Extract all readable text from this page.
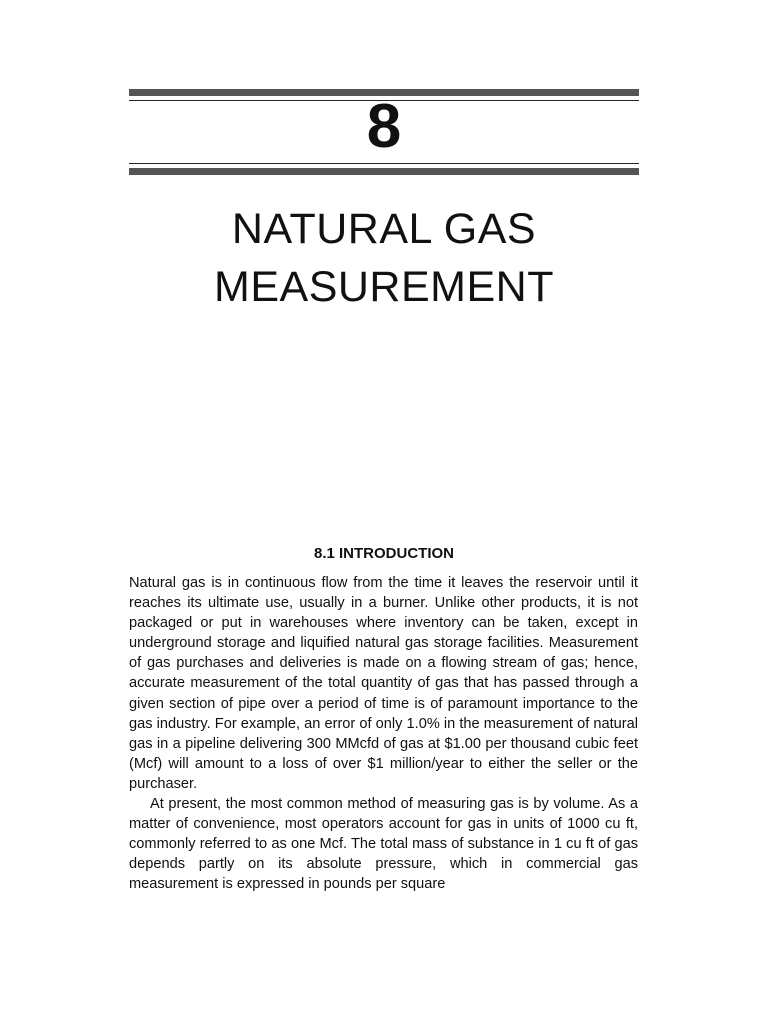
8
NATURAL GAS
MEASUREMENT
8.1 INTRODUCTION

Natural gas is in continuous flow from the time it leaves the reservoir until it reaches its ultimate use, usually in a burner. Unlike other products, it is not packaged or put in warehouses where inventory can be taken, except in underground storage and liquified natural gas storage facilities. Measurement of gas purchases and deliveries is made on a flowing stream of gas; hence, accurate measurement of the total quantity of gas that has passed through a given section of pipe over a period of time is of paramount importance to the gas industry. For example, an error of only 1.0% in the measurement of natural gas in a pipeline delivering 300 MMcfd of gas at $1.00 per thousand cubic feet (Mcf) will amount to a loss of over $1 million/year to either the seller or the purchaser.

At present, the most common method of measuring gas is by volume. As a matter of convenience, most operators account for gas in units of 1000 cu ft, commonly referred to as one Mcf. The total mass of substance in 1 cu ft of gas depends partly on its absolute pressure, which in commercial gas measurement is expressed in pounds per square
